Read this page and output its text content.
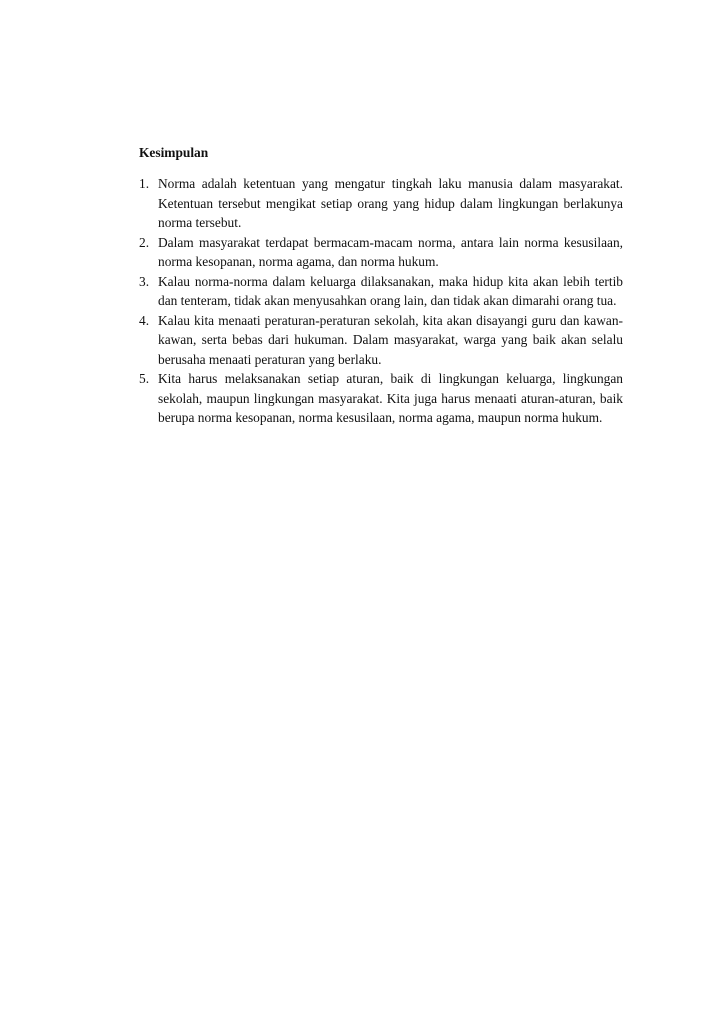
Kesimpulan
1. Norma adalah ketentuan yang mengatur tingkah laku manusia dalam masyarakat. Ketentuan tersebut mengikat setiap orang yang hidup dalam lingkungan berlakunya norma tersebut.
2. Dalam masyarakat terdapat bermacam-macam norma, antara lain norma kesusilaan, norma kesopanan, norma agama, dan norma hukum.
3. Kalau norma-norma dalam keluarga dilaksanakan, maka hidup kita akan lebih tertib dan tenteram, tidak akan menyusahkan orang lain, dan tidak akan dimarahi orang tua.
4. Kalau kita menaati peraturan-peraturan sekolah, kita akan disayangi guru dan kawan-kawan, serta bebas dari hukuman. Dalam masyarakat, warga yang baik akan selalu berusaha menaati peraturan yang berlaku.
5. Kita harus melaksanakan setiap aturan, baik di lingkungan keluarga, lingkungan sekolah, maupun lingkungan masyarakat. Kita juga harus menaati aturan-aturan, baik berupa norma kesopanan, norma kesusilaan, norma agama, maupun norma hukum.
